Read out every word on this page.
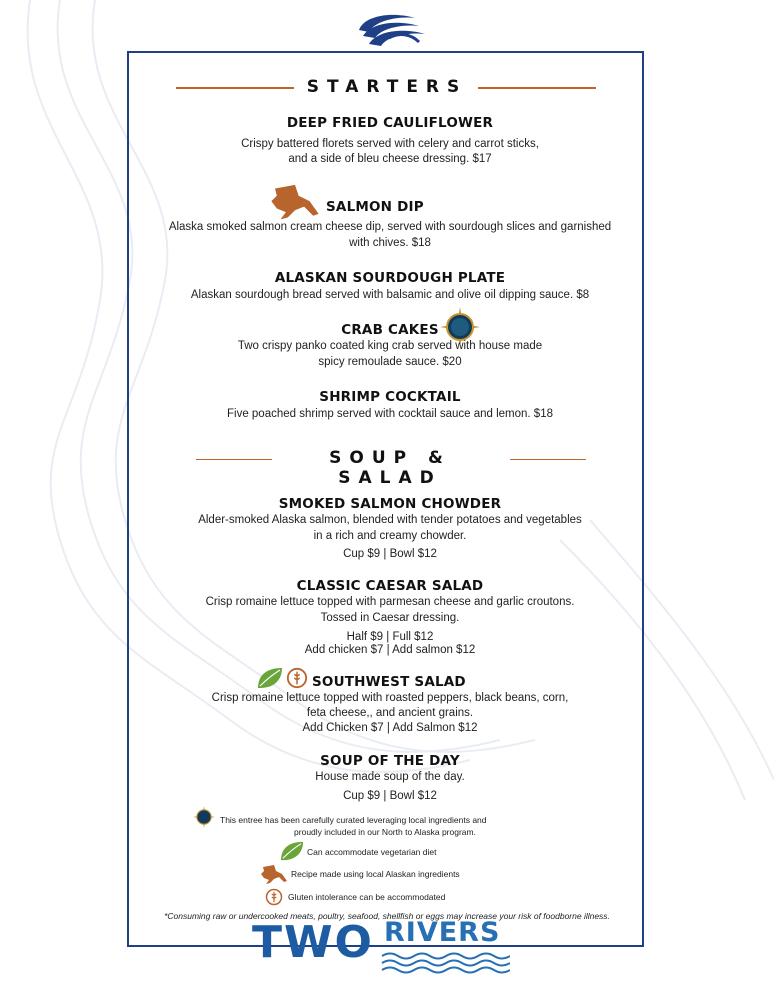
STARTERS
DEEP FRIED CAULIFLOWER
Crispy battered florets served with celery and carrot sticks,
and a side of bleu cheese dressing. $17
SALMON DIP
Alaska smoked salmon cream cheese dip, served with sourdough slices and garnished
with chives. $18
ALASKAN SOURDOUGH PLATE
Alaskan sourdough bread served with balsamic and olive oil dipping sauce. $8
CRAB CAKES
Two crispy panko coated king crab served with house made
spicy remoulade sauce. $20
SHRIMP COCKTAIL
Five poached shrimp served with cocktail sauce and lemon. $18
SOUP & SALAD
SMOKED SALMON CHOWDER
Alder-smoked Alaska salmon, blended with tender potatoes and vegetables
in a rich and creamy chowder.
Cup $9 | Bowl $12
CLASSIC CAESAR SALAD
Crisp romaine lettuce topped with parmesan cheese and garlic croutons.
Tossed in Caesar dressing.
Half $9 | Full $12
Add chicken $7 | Add salmon $12
SOUTHWEST SALAD
Crisp romaine lettuce topped with roasted peppers, black beans, corn,
feta cheese,, and ancient grains.
Add Chicken $7 | Add Salmon $12
SOUP OF THE DAY
House made soup of the day.
Cup $9 | Bowl $12
This entree has been carefully curated leveraging local ingredients and
proudly included in our North to Alaska program.
Can accommodate vegetarian diet
Recipe made using local Alaskan ingredients
Gluten intolerance can be accommodated
*Consuming raw or undercooked meats, poultry, seafood, shellfish or eggs may increase your risk of foodborne illness.
TWO RIVERS
